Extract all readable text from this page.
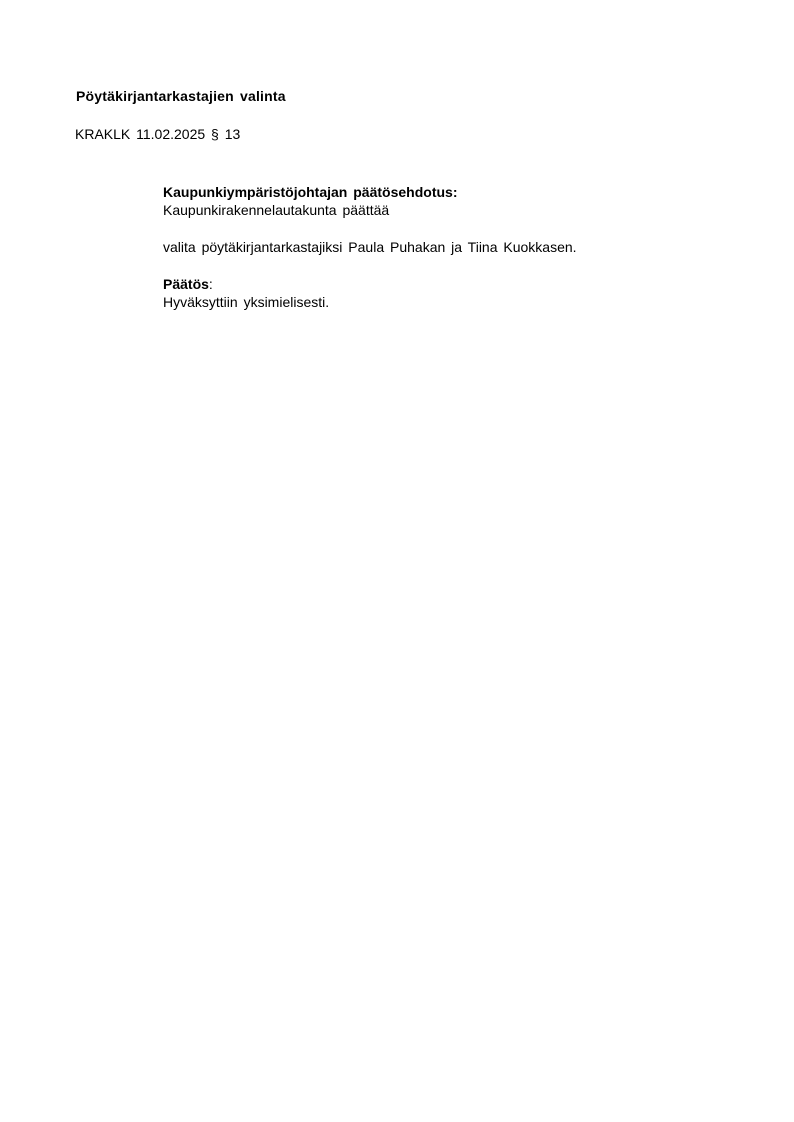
Pöytäkirjantarkastajien valinta
KRAKLK 11.02.2025 § 13
Kaupunkiympäristöjohtajan päätösehdotus:
Kaupunkirakennelautakunta päättää
valita pöytäkirjantarkastajiksi Paula Puhakan ja Tiina Kuokkasen.
Päätös:
Hyväksyttiin yksimielisesti.
